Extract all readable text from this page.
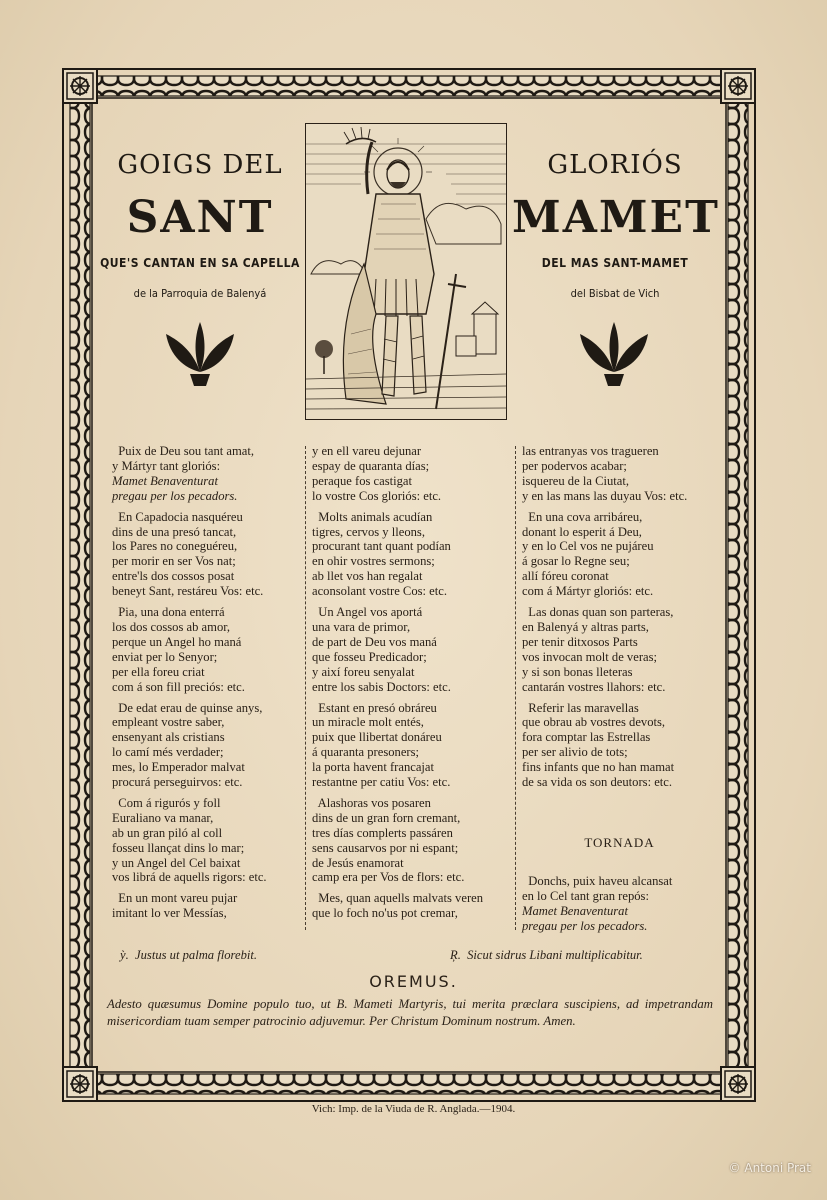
GOIGS DEL
SANT
QUE'S CANTAN EN SA CAPELLA
de la Parroquia de Balenyá
GLORIÓS
MAMET
DEL MAS SANT-MAMET
del Bisbat de Vich
Puix de Deu sou tant amat,
y Mártyr tant gloriós:
Mamet Benaventurat
pregau per los pecadors.
En Capadocia nasquéreu
dins de una presó tancat,
los Pares no coneguéreu,
per morir en ser Vos nat;
entre'ls dos cossos posat
beneyt Sant, restáreu Vos: etc.
Pia, una dona enterrá
los dos cossos ab amor,
perque un Angel ho maná
enviat per lo Senyor;
per ella foreu criat
com á son fill preciós: etc.
De edat erau de quinse anys,
empleant vostre saber,
ensenyant als cristians
lo camí més verdader;
mes, lo Emperador malvat
procurá perseguirvos: etc.
Com á rigurós y foll
Euraliano va manar,
ab un gran piló al coll
fosseu llançat dins lo mar;
y un Angel del Cel baixat
vos librá de aquells rigors: etc.
En un mont vareu pujar
imitant lo ver Messías,
y en ell vareu dejunar
espay de quaranta días;
peraque fos castigat
lo vostre Cos gloriós: etc.
Molts animals acudían
tigres, cervos y lleons,
procurant tant quant podían
en ohir vostres sermons;
ab llet vos han regalat
aconsolant vostre Cos: etc.
Un Angel vos aportá
una vara de primor,
de part de Deu vos maná
que fosseu Predicador;
y així foreu senyalat
entre los sabis Doctors: etc.
Estant en presó obráreu
un miracle molt entés,
puix que llibertat donáreu
á quaranta presoners;
la porta havent francajat
restantne per catiu Vos: etc.
Alashoras vos posaren
dins de un gran forn cremant,
tres días complerts passáren
sens causarvos por ni espant;
de Jesús enamorat
camp era per Vos de flors: etc.
Mes, quan aquells malvats veren
que lo foch no'us pot cremar,
las entranyas vos tragueren
per podervos acabar;
isquereu de la Ciutat,
y en las mans las duyau Vos: etc.
En una cova arribáreu,
donant lo esperit á Deu,
y en lo Cel vos ne pujáreu
á gosar lo Regne seu;
allí fóreu coronat
com á Mártyr gloriós: etc.
Las donas quan son parteras,
en Balenyá y altras parts,
per tenir ditxosos Parts
vos invocan molt de veras;
y si son bonas lleteras
cantarán vostres llahors: etc.
Referir las maravellas
que obrau ab vostres devots,
fora comptar las Estrellas
per ser alivio de tots;
fins infants que no han mamat
de sa vida os son deutors: etc.
TORNADA
Donchs, puix haveu alcansat
en lo Cel tant gran repós:
Mamet Benaventurat
pregau per los pecadors.
ỳ.  Justus ut palma florebit.	Ŗ.  Sicut sidrus Libani multiplicabitur.
OREMUS.
Adesto quæsumus Domine populo tuo, ut B. Mameti Martyris, tui merita præclara suscipiens, ad impetrandam misericordiam tuam semper patrocinio adjuvemur. Per Christum Dominum nostrum. Amen.
Vich: Imp. de la Viuda de R. Anglada.—1904.
© Antoni Prat
